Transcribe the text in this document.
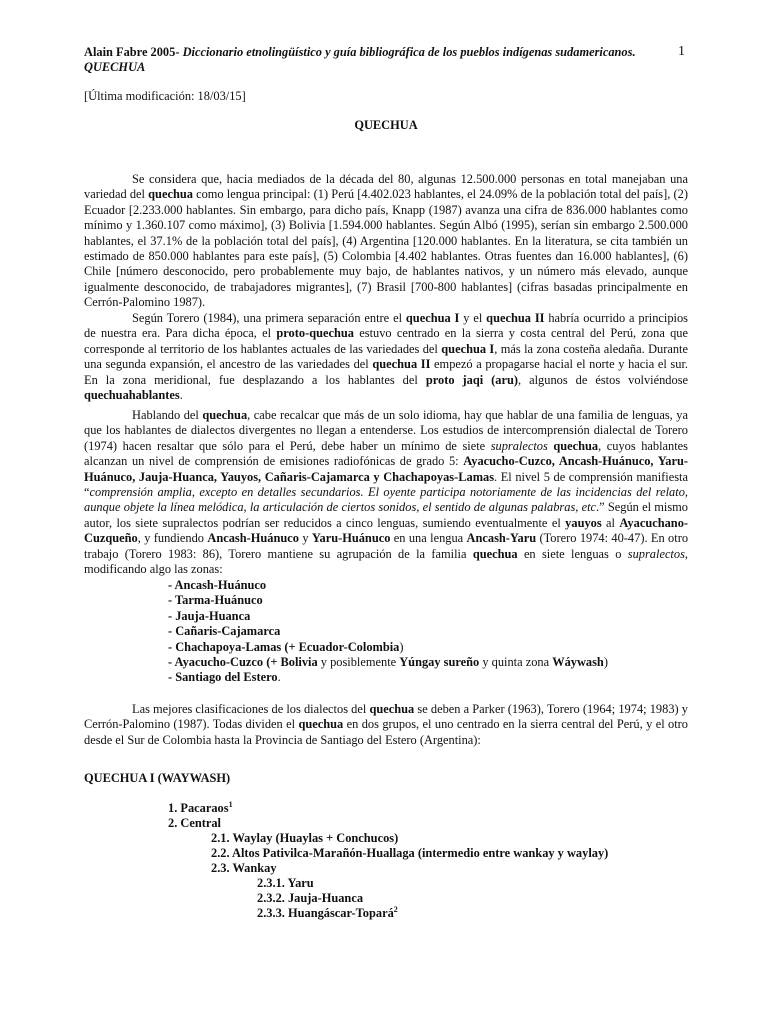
Alain Fabre 2005- Diccionario etnolingüístico y guía bibliográfica de los pueblos indígenas sudamericanos.
QUECHUA
1
[Última modificación: 18/03/15]
QUECHUA

Se considera que, hacia mediados de la década del 80, algunas 12.500.000 personas en total manejaban una variedad del quechua como lengua principal: (1) Perú [4.402.023 hablantes, el 24.09% de la población total del país], (2) Ecuador [2.233.000 hablantes. Sin embargo, para dicho país, Knapp (1987) avanza una cifra de 836.000 hablantes como mínimo y 1.360.107 como máximo], (3) Bolivia [1.594.000 hablantes. Según Albó (1995), serían sin embargo 2.500.000 hablantes, el 37.1% de la población total del país], (4) Argentina [120.000 hablantes. En la literatura, se cita también un estimado de 850.000 hablantes para este país], (5) Colombia [4.402 hablantes. Otras fuentes dan 16.000 hablantes], (6) Chile [número desconocido, pero probablemente muy bajo, de hablantes nativos, y un número más elevado, aunque igualmente desconocido, de trabajadores migrantes], (7) Brasil [700-800 hablantes] (cifras basadas principalmente en Cerrón-Palomino 1987).

Según Torero (1984), una primera separación entre el quechua I y el quechua II habría ocurrido a principios de nuestra era. Para dicha época, el proto-quechua estuvo centrado en la sierra y costa central del Perú, zona que corresponde al territorio de los hablantes actuales de las variedades del quechua I, más la zona costeña aledaña. Durante una segunda expansión, el ancestro de las variedades del quechua II empezó a propagarse hacial el norte y hacia el sur. En la zona meridional, fue desplazando a los hablantes del proto jaqi (aru), algunos de éstos volviéndose quechuahablantes.

Hablando del quechua, cabe recalcar que más de un solo idioma, hay que hablar de una familia de lenguas, ya que los hablantes de dialectos divergentes no llegan a entenderse. Los estudios de intercomprensión dialectal de Torero (1974) hacen resaltar que sólo para el Perú, debe haber un mínimo de siete supralectos quechua, cuyos hablantes alcanzan un nivel de comprensión de emisiones radiofónicas de grado 5: Ayacucho-Cuzco, Ancash-Huánuco, Yaru-Huánuco, Jauja-Huanca, Yauyos, Cañaris-Cajamarca y Chachapoyas-Lamas. El nivel 5 de comprensión manifiesta “comprensión amplia, excepto en detalles secundarios. El oyente participa notoriamente de las incidencias del relato, aunque objete la línea melódica, la articulación de ciertos sonidos, el sentido de algunas palabras, etc.” Según el mismo autor, los siete supralectos podrían ser reducidos a cinco lenguas, sumiendo eventualmente el yauyos al Ayacuchano-Cuzqueño, y fundiendo Ancash-Huánuco y Yaru-Huánuco en una lengua Ancash-Yaru (Torero 1974: 40-47). En otro trabajo (Torero 1983: 86), Torero mantiene su agrupación de la familia quechua en siete lenguas o supralectos, modificando algo las zonas:

- Ancash-Huánuco
- Tarma-Huánuco
- Jauja-Huanca
- Cañaris-Cajamarca
- Chachapoya-Lamas (+ Ecuador-Colombia)
- Ayacucho-Cuzco (+ Bolivia y posiblemente Yúngay sureño y quinta zona Wáywash)
- Santiago del Estero.

Las mejores clasificaciones de los dialectos del quechua se deben a Parker (1963), Torero (1964; 1974; 1983) y Cerrón-Palomino (1987). Todas dividen el quechua en dos grupos, el uno centrado en la sierra central del Perú, y el otro desde el Sur de Colombia hasta la Provincia de Santiago del Estero (Argentina):

QUECHUA I (WAYWASH)
1. Pacaraos$^1$
2. Central
2.1. Waylay (Huaylas + Conchucos)
2.2. Altos Pativilca-Marañón-Huallaga (intermedio entre wankay y waylay)
2.3. Wankay
2.3.1. Yaru
2.3.2. Jauja-Huanca
2.3.3. Huangáscar-Topará$^2$
